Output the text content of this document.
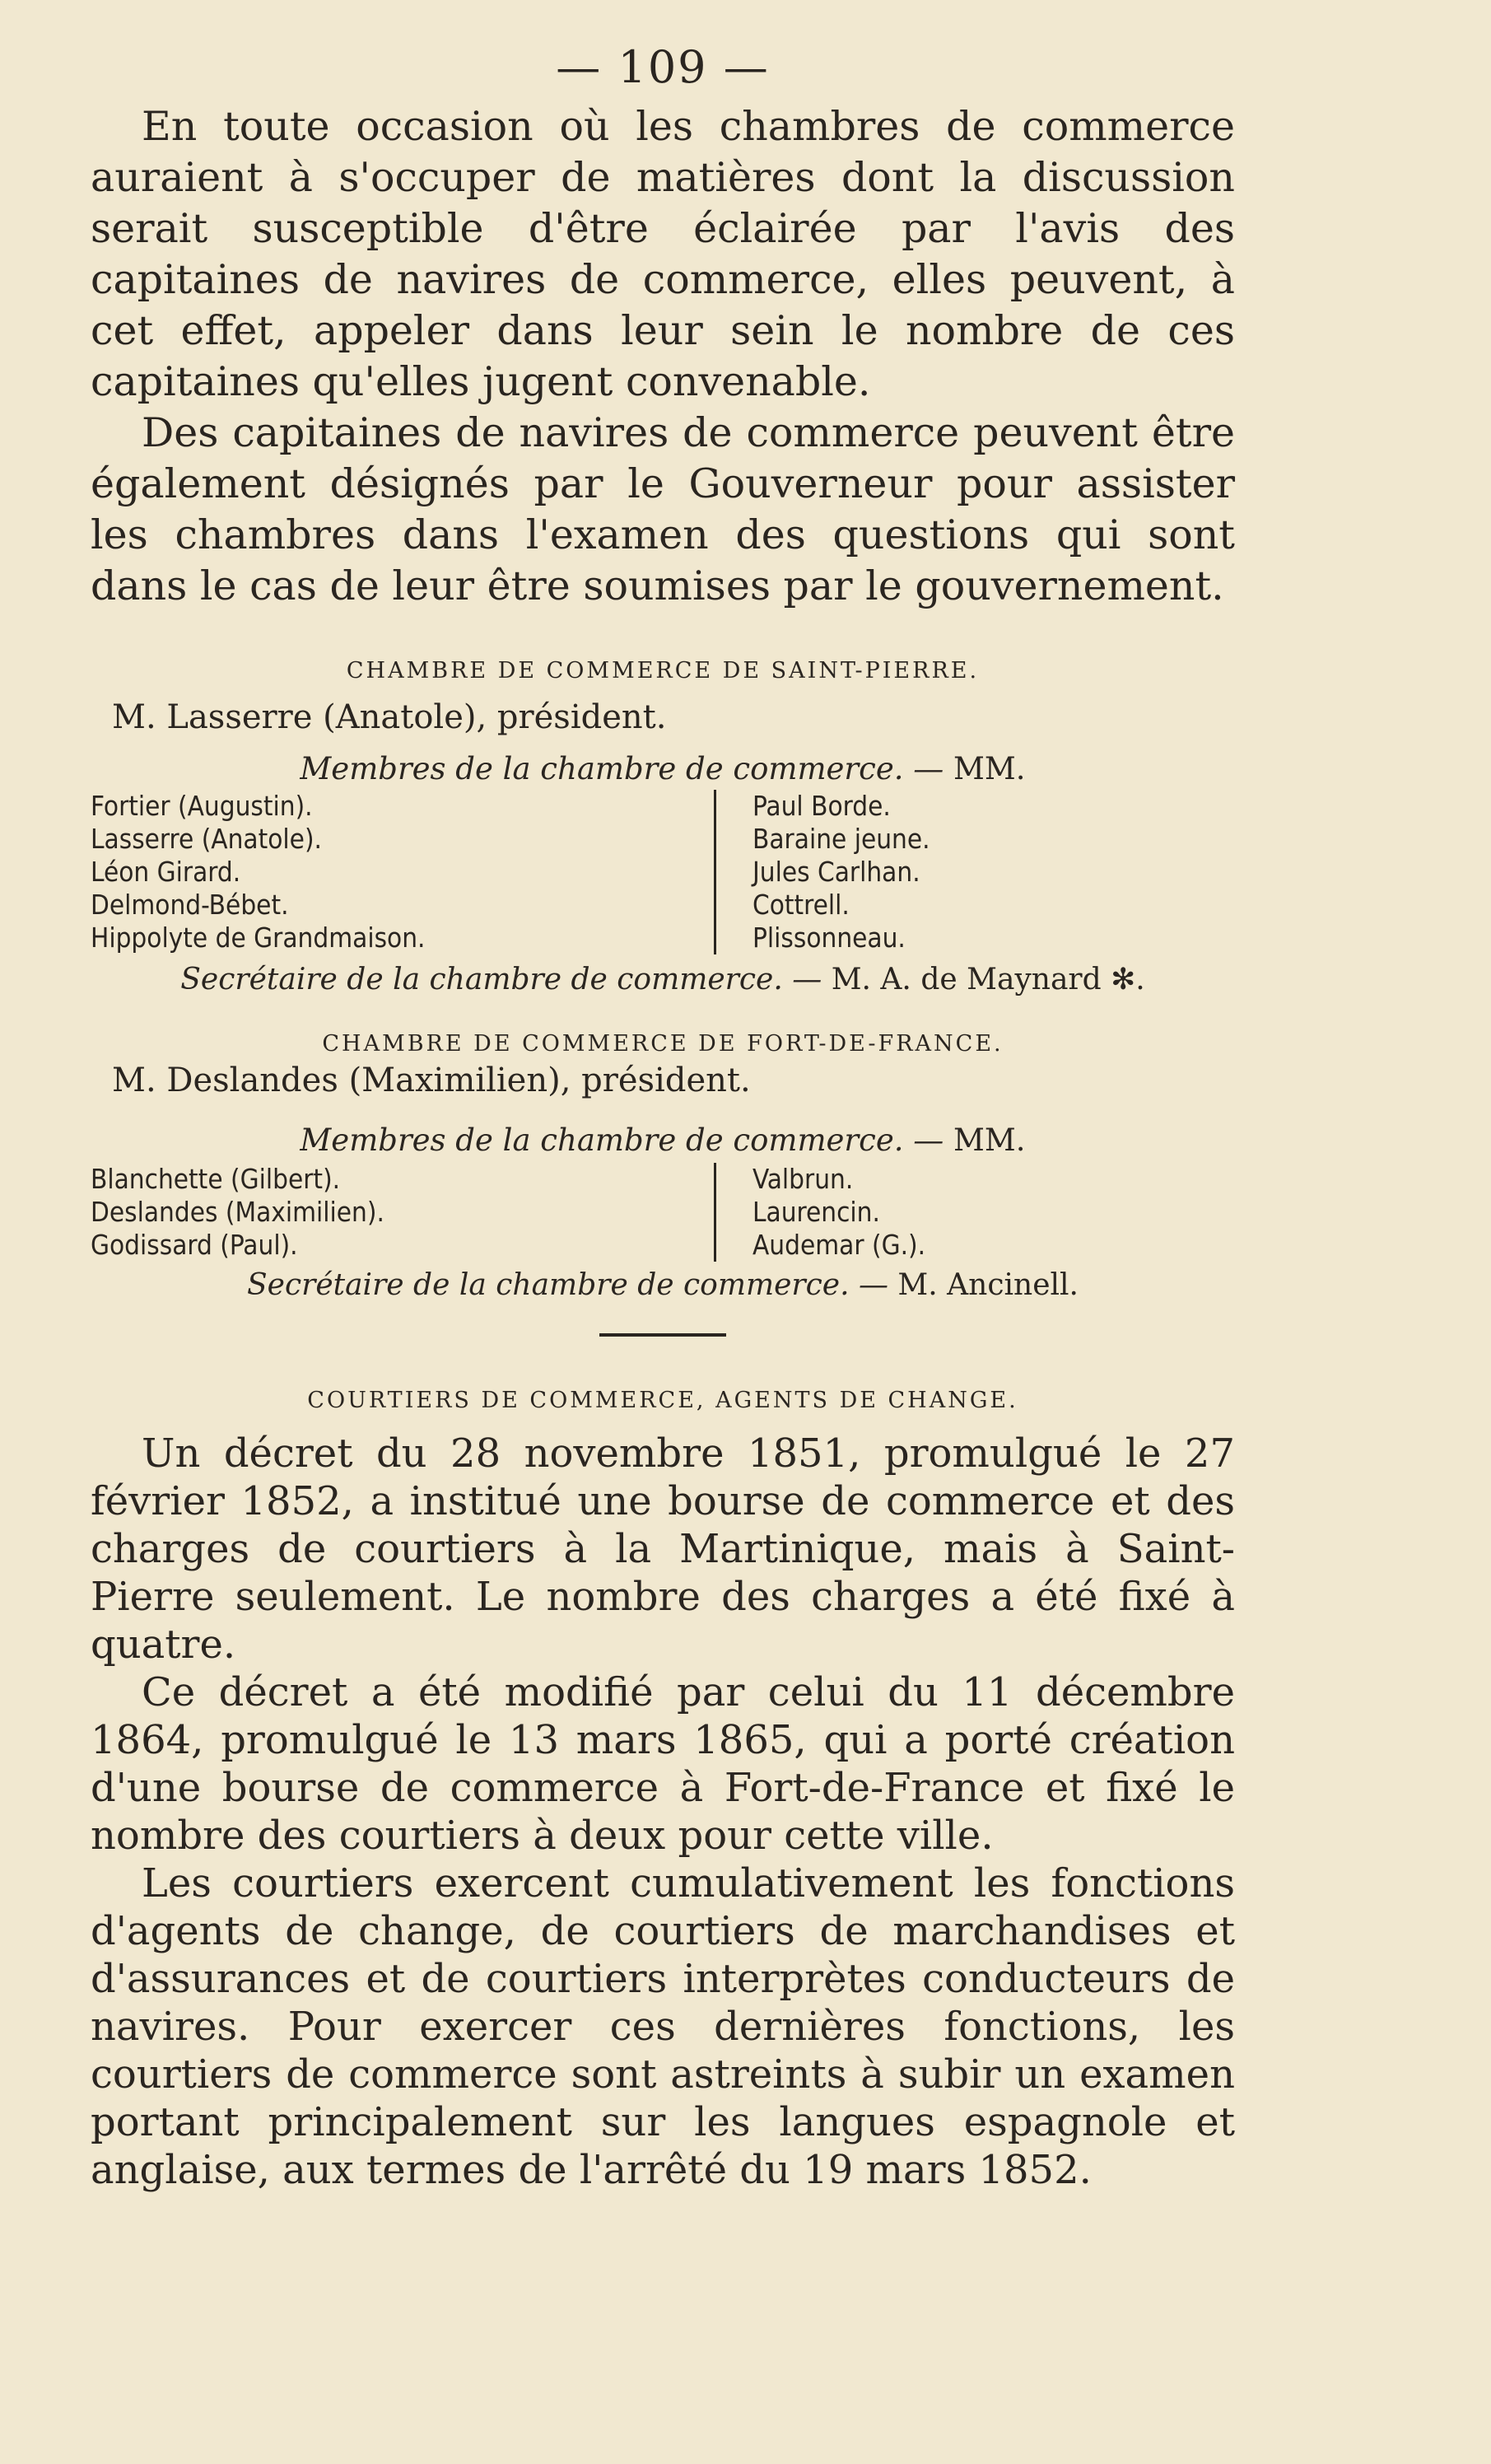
— 109 —

En toute occasion où les chambres de commerce auraient à s'occuper de matières dont la discussion serait susceptible d'être éclairée par l'avis des capitaines de navires de commerce, elles peuvent, à cet effet, appeler dans leur sein le nombre de ces capitaines qu'elles jugent convenable.

Des capitaines de navires de commerce peuvent être également désignés par le Gouverneur pour assister les chambres dans l'examen des questions qui sont dans le cas de leur être soumises par le gouvernement.

CHAMBRE DE COMMERCE DE SAINT-PIERRE.
M. Lasserre (Anatole), président.
Membres de la chambre de commerce. — MM.
Fortier (Augustin).
Lasserre (Anatole).
Léon Girard.
Delmond-Bébet.
Hippolyte de Grandmaison.
Paul Borde.
Baraine jeune.
Jules Carlhan.
Cottrell.
Plissonneau.
Secrétaire de la chambre de commerce. — M. A. de Maynard ✻.
CHAMBRE DE COMMERCE DE FORT-DE-FRANCE.
M. Deslandes (Maximilien), président.
Membres de la chambre de commerce. — MM.
Blanchette (Gilbert).
Deslandes (Maximilien).
Godissard (Paul).
Valbrun.
Laurencin.
Audemar (G.).
Secrétaire de la chambre de commerce. — M. Ancinell.
COURTIERS DE COMMERCE, AGENTS DE CHANGE.

Un décret du 28 novembre 1851, promulgué le 27 février 1852, a institué une bourse de commerce et des charges de courtiers à la Martinique, mais à Saint-Pierre seulement. Le nombre des charges a été fixé à quatre.

Ce décret a été modifié par celui du 11 décembre 1864, promulgué le 13 mars 1865, qui a porté création d'une bourse de commerce à Fort-de-France et fixé le nombre des courtiers à deux pour cette ville.

Les courtiers exercent cumulativement les fonctions d'agents de change, de courtiers de marchandises et d'assurances et de courtiers interprètes conducteurs de navires. Pour exercer ces dernières fonctions, les courtiers de commerce sont astreints à subir un examen portant principalement sur les langues espagnole et anglaise, aux termes de l'arrêté du 19 mars 1852.
